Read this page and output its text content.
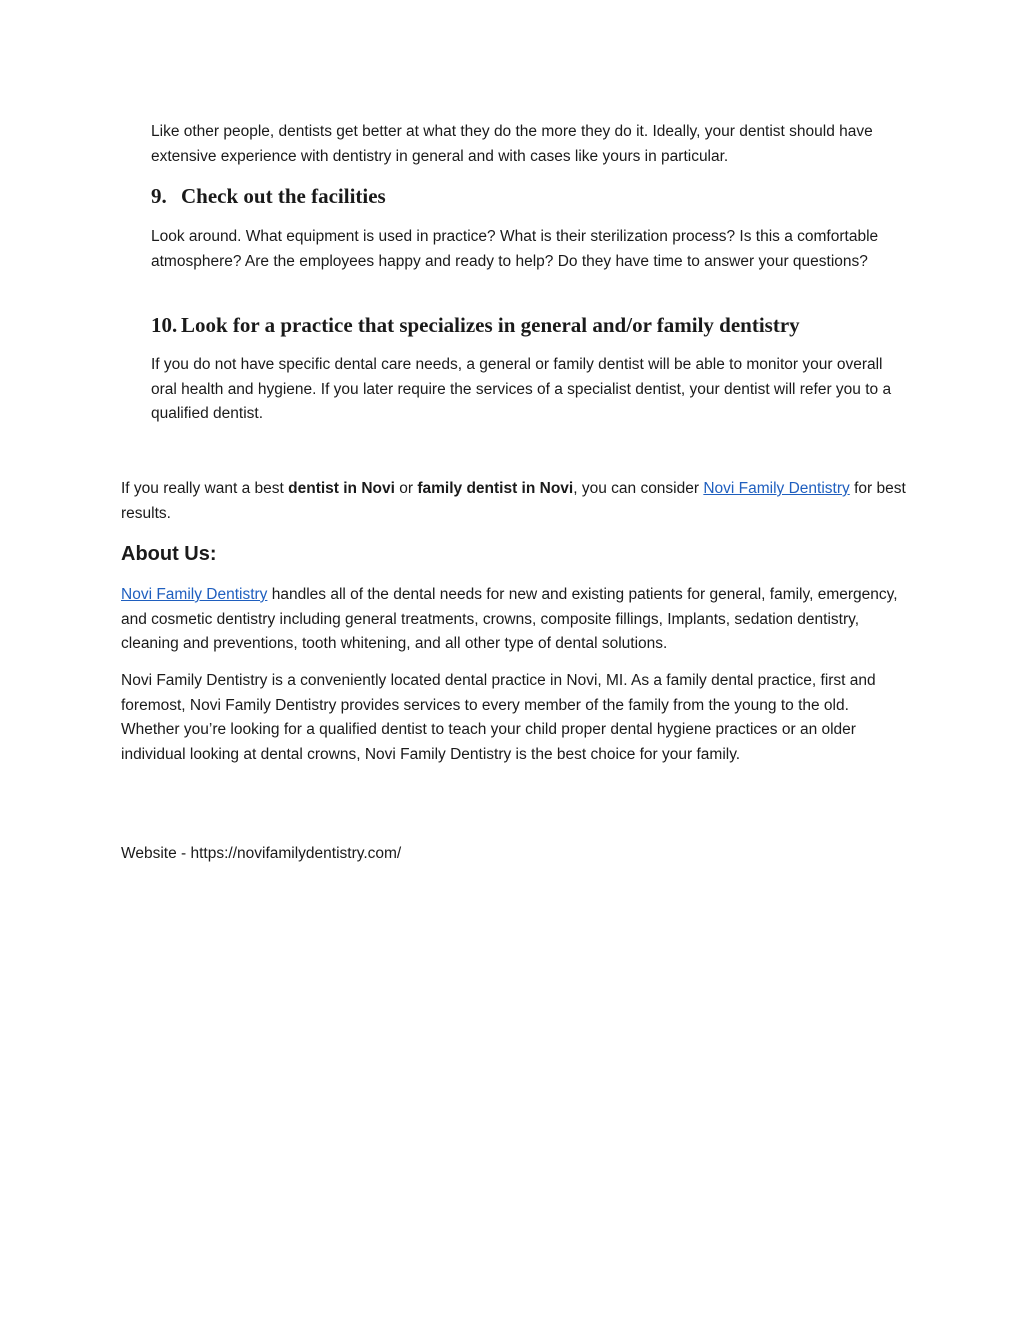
Like other people, dentists get better at what they do the more they do it. Ideally, your dentist should have extensive experience with dentistry in general and with cases like yours in particular.

9. Check out the facilities

Look around. What equipment is used in practice? What is their sterilization process? Is this a comfortable atmosphere? Are the employees happy and ready to help? Do they have time to answer your questions?

10. Look for a practice that specializes in general and/or family dentistry

If you do not have specific dental care needs, a general or family dentist will be able to monitor your overall oral health and hygiene. If you later require the services of a specialist dentist, your dentist will refer you to a qualified dentist.

If you really want a best dentist in Novi or family dentist in Novi, you can consider Novi Family Dentistry for best results.

About Us:

Novi Family Dentistry handles all of the dental needs for new and existing patients for general, family, emergency, and cosmetic dentistry including general treatments, crowns, composite fillings, Implants, sedation dentistry, cleaning and preventions, tooth whitening, and all other type of dental solutions.

Novi Family Dentistry is a conveniently located dental practice in Novi, MI. As a family dental practice, first and foremost, Novi Family Dentistry provides services to every member of the family from the young to the old. Whether you’re looking for a qualified dentist to teach your child proper dental hygiene practices or an older individual looking at dental crowns, Novi Family Dentistry is the best choice for your family.

Website - https://novifamilydentistry.com/
